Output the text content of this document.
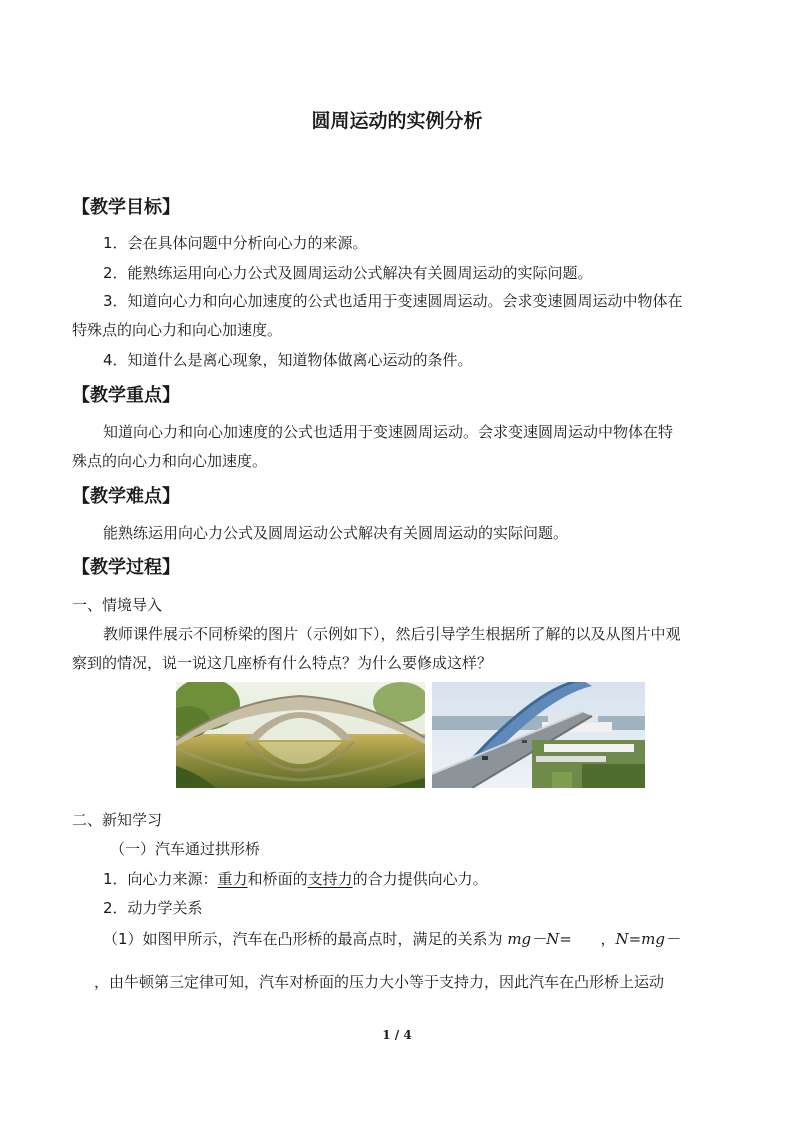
圆周运动的实例分析
【教学目标】
1．会在具体问题中分析向心力的来源。
2．能熟练运用向心力公式及圆周运动公式解决有关圆周运动的实际问题。
3．知道向心力和向心加速度的公式也适用于变速圆周运动。会求变速圆周运动中物体在
特殊点的向心力和向心加速度。
4．知道什么是离心现象，知道物体做离心运动的条件。
【教学重点】
知道向心力和向心加速度的公式也适用于变速圆周运动。会求变速圆周运动中物体在特
殊点的向心力和向心加速度。
【教学难点】
能熟练运用向心力公式及圆周运动公式解决有关圆周运动的实际问题。
【教学过程】
一、情境导入
教师课件展示不同桥梁的图片（示例如下），然后引导学生根据所了解的以及从图片中观
察到的情况，说一说这几座桥有什么特点？为什么要修成这样？
二、新知学习
（一）汽车通过拱形桥
1．向心力来源：重力和桥面的支持力的合力提供向心力。
2．动力学关系
（1）如图甲所示，汽车在凸形桥的最高点时，满足的关系为 mg－N=      ，N=mg－
，由牛顿第三定律可知，汽车对桥面的压力大小等于支持力，因此汽车在凸形桥上运动
1 / 4
